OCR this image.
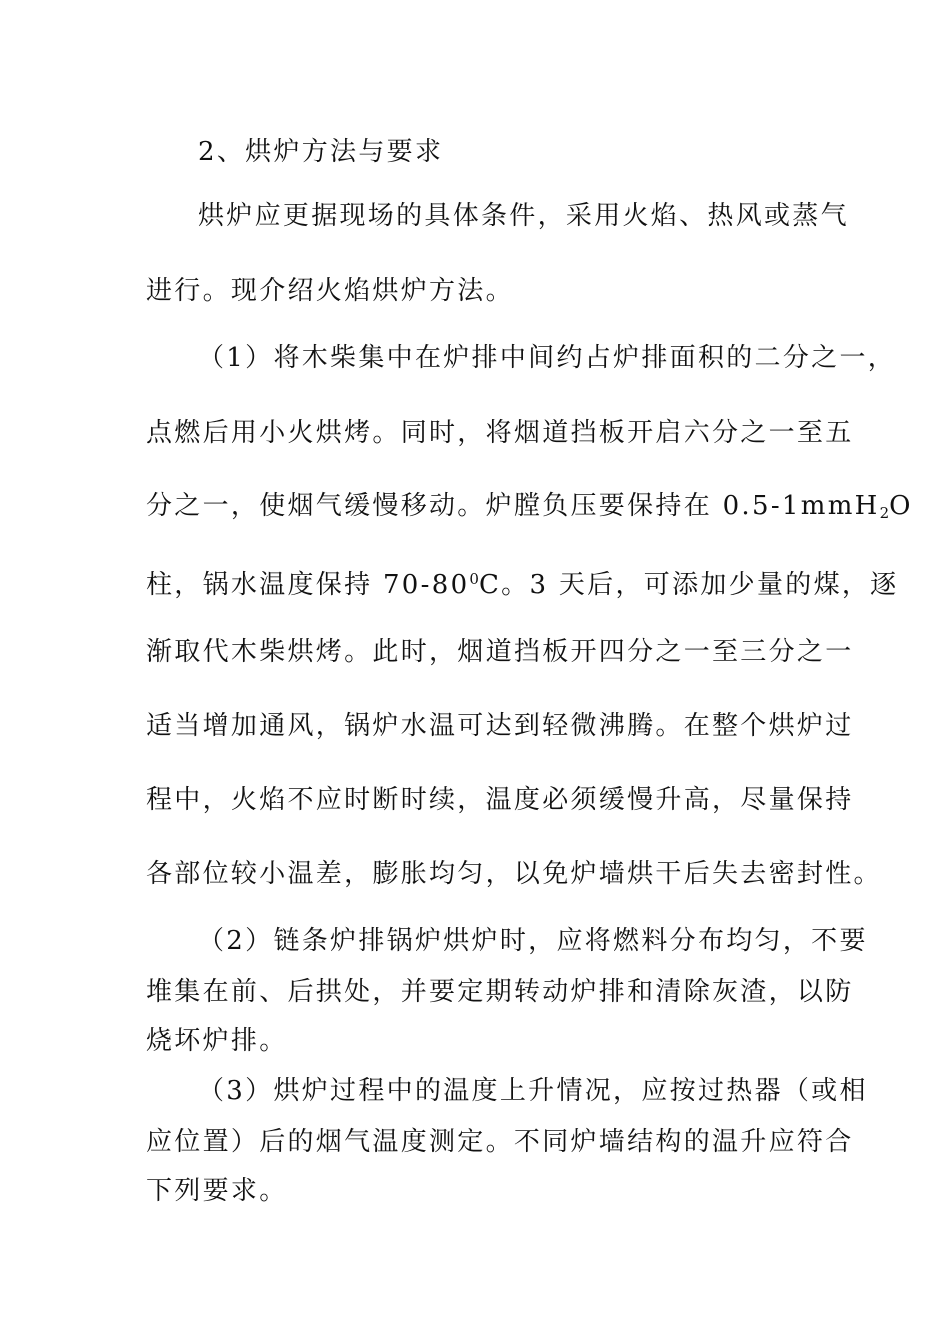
2、烘炉方法与要求
烘炉应更据现场的具体条件，采用火焰、热风或蒸气
进行。现介绍火焰烘炉方法。
（1）将木柴集中在炉排中间约占炉排面积的二分之一，
点燃后用小火烘烤。同时，将烟道挡板开启六分之一至五
分之一，使烟气缓慢移动。炉膛负压要保持在 0.5-1mmH$_2$O
柱，锅水温度保持 $70-80^0C$。3 天后，可添加少量的煤，逐
渐取代木柴烘烤。此时，烟道挡板开四分之一至三分之一
适当增加通风，锅炉水温可达到轻微沸腾。在整个烘炉过
程中，火焰不应时断时续，温度必须缓慢升高，尽量保持
各部位较小温差，膨胀均匀，以免炉墙烘干后失去密封性。
（2）链条炉排锅炉烘炉时，应将燃料分布均匀，不要
堆集在前、后拱处，并要定期转动炉排和清除灰渣，以防
烧坏炉排。
（3）烘炉过程中的温度上升情况，应按过热器（或相
应位置）后的烟气温度测定。不同炉墙结构的温升应符合
下列要求。
